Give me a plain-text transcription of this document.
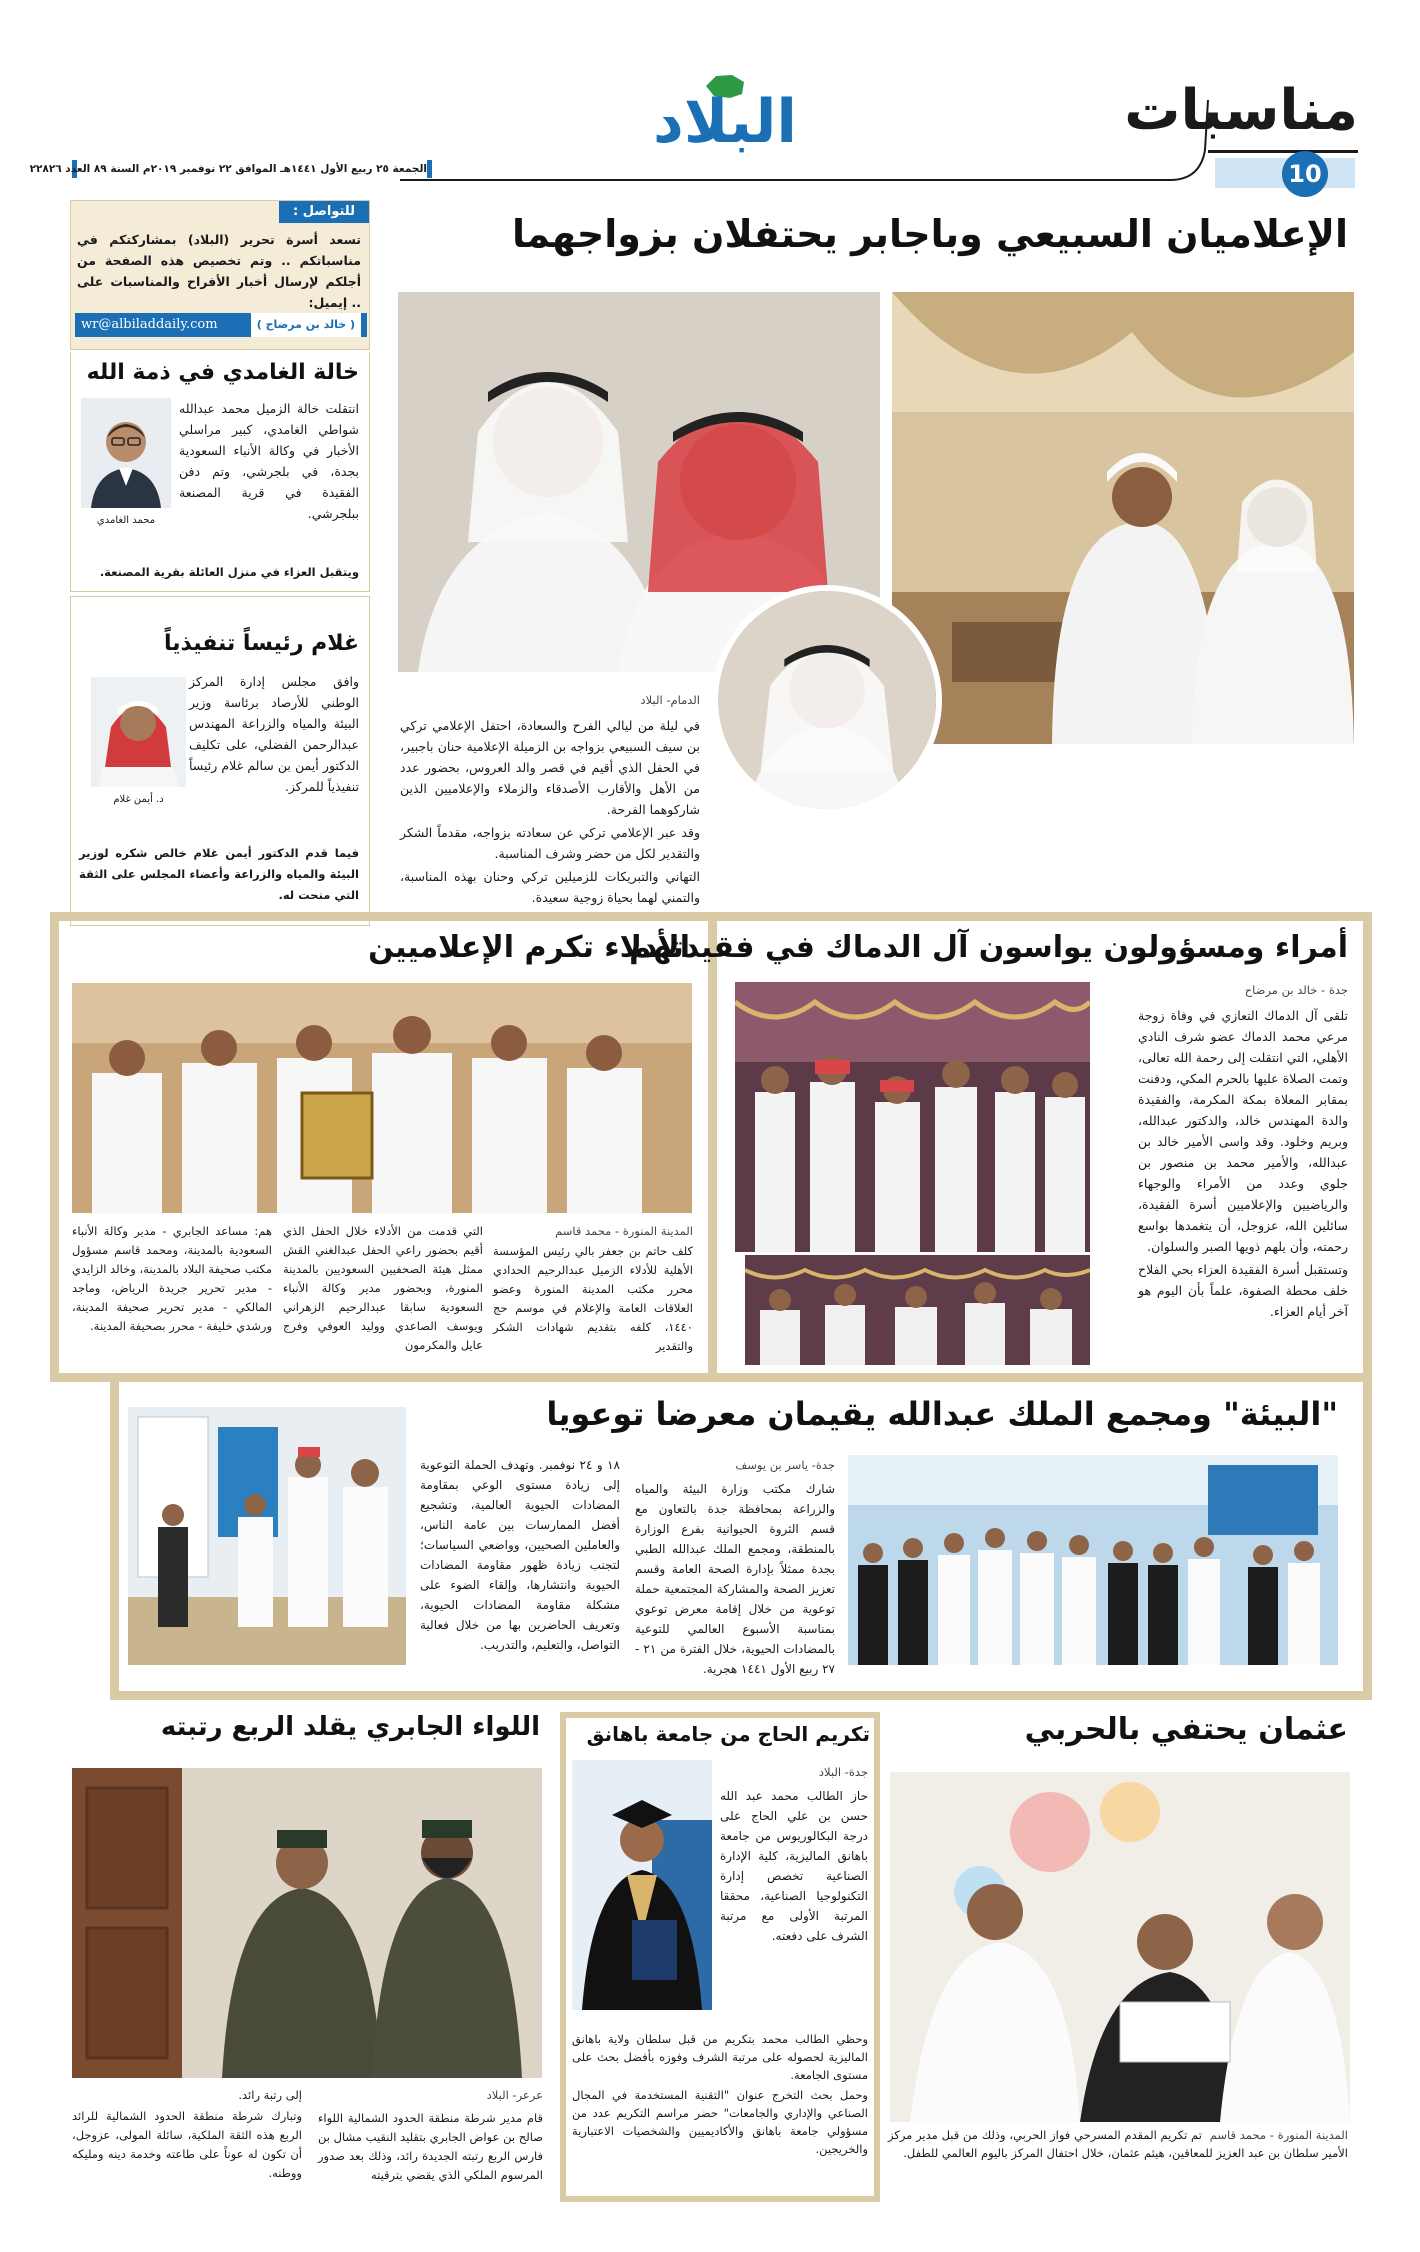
مناسبات
10
البلاد
الجمعة ٢٥ ربيع الأول ١٤٤١هـ الموافق ٢٢ نوفمبر ٢٠١٩م السنة ٨٩ العدد ٢٢٨٢٦
للتواصل :
تسعد أسرة تحرير (البلاد) بمشاركتكم في مناسباتكم .. وتم تخصيص هذه الصفحة من أجلكم لإرسال أخبار الأفراح والمناسبات على .. إيميل:
wr@albiladdaily.com	( خالد بن مرضاح )
خالة الغامدي في ذمة الله
محمد الغامدي

انتقلت خالة الزميل محمد عبدالله شواطي الغامدي، كبير مراسلي الأخبار في وكالة الأنباء السعودية بجدة، في بلجرشي، وتم دفن الفقيدة في قرية المصنعة ببلجرشي.

ويتقبل العزاء في منزل العائلة بقرية المصنعة.

غلام رئيساً تنفيذياً
د. أيمن غلام

وافق مجلس إدارة المركز الوطني للأرصاد برئاسة وزير البيئة والمياه والزراعة المهندس عبدالرحمن الفضلي، على تكليف الدكتور أيمن بن سالم غلام رئيساً تنفيذياً للمركز.

فيما قدم الدكتور أيمن غلام خالص شكره لوزير البيئة والمياه والزراعة وأعضاء المجلس على الثقة التي منحت له.

الإعلاميان السبيعي وباجابر يحتفلان بزواجهما
الدمام- البلاد

في ليلة من ليالي الفرح والسعادة، احتفل الإعلامي تركي بن سيف السبيعي بزواجه بن الزميلة الإعلامية حنان باجبير، في الحفل الذي أقيم في قصر والد العروس، بحضور عدد من الأهل والأقارب الأصدقاء والزملاء والإعلاميين الذين شاركوهما الفرحة.

وقد عبر الإعلامي تركي عن سعادته بزواجه، مقدماً الشكر والتقدير لكل من حضر وشرف المناسبة.

التهاني والتبريكات للزميلين تركي وحنان بهذه المناسبة، والتمني لهما بحياة زوجية سعيدة.

أمراء ومسؤولون يواسون آل الدماك في فقيدتهم
جدة - خالد بن مرضاح

تلقى آل الدماك التعازي في وفاة زوجة مرعي محمد الدماك عضو شرف النادي الأهلي، التي انتقلت إلى رحمة الله تعالى، وتمت الصلاة عليها بالحرم المكي، ودفنت بمقابر المعلاة بمكة المكرمة، والفقيدة والدة المهندس خالد، والدكتور عبدالله، وبريم وخلود. وقد واسى الأمير خالد بن عبدالله، والأمير محمد بن منصور بن جلوي وعدد من الأمراء والوجهاء والرياضيين والإعلاميين أسرة الفقيدة، سائلين الله، عزوجل، أن يتغمدها بواسع رحمته، وأن يلهم ذويها الصبر والسلوان.

وتستقبل أسرة الفقيدة العزاء بحي الفلاح خلف محطة الصفوة، علماً بأن اليوم هو آخر أيام العزاء.

الأدلاء تكرم الإعلاميين
المدينة المنورة - محمد قاسم

كلف حاتم بن جعفر بالي رئيس المؤسسة الأهلية للأدلاء الزميل عبدالرحيم الحدادي محرر مكتب المدينة المنورة وعضو العلاقات العامة والإعلام في موسم حج ١٤٤٠، كلفه بتقديم شهادات الشكر والتقدير

التي قدمت من الأدلاء خلال الحفل الذي أقيم بحضور راعي الحفل عبدالغني القش ممثل هيئة الصحفيين السعوديين بالمدينة المنورة، وبحضور مدير وكالة الأنباء السعودية سابقا عبدالرحيم الزهراني ويوسف الصاعدي ووليد العوفي وفرج عايل والمكرمون

هم: مساعد الجابري - مدير وكالة الأنباء السعودية بالمدينة، ومحمد قاسم مسؤول مكتب صحيفة البلاد بالمدينة، وخالد الزايدي - مدير تحرير جريدة الرياض، وماجد المالكي - مدير تحرير صحيفة المدينة، ورشدي خليفة - محرر بصحيفة المدينة.

"البيئة" ومجمع الملك عبدالله يقيمان معرضا توعويا
جدة- ياسر بن يوسف

شارك مكتب وزارة البيئة والمياه والزراعة بمحافظة جدة بالتعاون مع قسم الثروة الحيوانية بفرع الوزارة بالمنطقة، ومجمع الملك عبدالله الطبي بجدة ممثلاً بإدارة الصحة العامة وقسم تعزيز الصحة والمشاركة المجتمعية حملة توعوية من خلال إقامة معرض توعوي بمناسبة الأسبوع العالمي للتوعية بالمضادات الحيوية، خلال الفترة من ٢١ - ٢٧ ربيع الأول ١٤٤١ هجرية.

١٨ و ٢٤ نوفمبر. وتهدف الحملة التوعوية إلى زيادة مستوى الوعي بمقاومة المضادات الحيوية العالمية، وتشجيع أفضل الممارسات بين عامة الناس، والعاملين الصحيين، وواضعي السياسات؛ لتجنب زيادة ظهور مقاومة المضادات الحيوية وانتشارها، وإلقاء الضوء على مشكلة مقاومة المضادات الحيوية، وتعريف الحاضرين بها من خلال فعالية التواصل، والتعليم، والتدريب.

عثمان يحتفي بالحربي
المدينة المنورة - محمد قاسم تم تكريم المقدم المسرحي فواز الحربي، وذلك من قبل مدير مركز الأمير سلطان بن عبد العزيز للمعاقين، هيثم عثمان، خلال احتفال المركز باليوم العالمي للطفل.
تكريم الحاج من جامعة باهانق
جدة- البلاد

حاز الطالب محمد عبد الله حسن بن علي الحاج على درجة البكالوريوس من جامعة باهانق الماليزية، كلية الإدارة الصناعية تخصص إدارة التكنولوجيا الصناعية، محققا المرتبة الأولى مع مرتبة الشرف على دفعته.

وحظي الطالب محمد بتكريم من قبل سلطان ولاية باهانق الماليزية لحصوله على مرتبة الشرف وفوزه بأفضل بحث على مستوى الجامعة.

وحمل بحث التخرج عنوان "التقنية المستخدمة في المجال الصناعي والإداري والجامعات" حضر مراسم التكريم عدد من مسؤولي جامعة باهانق والأكاديميين والشخصيات الاعتبارية والخريجين.

اللواء الجابري يقلد الربع رتبته
عرعر- البلاد

قام مدير شرطة منطقة الحدود الشمالية اللواء صالح بن عواض الجابري بتقليد النقيب مشال بن فارس الربع رتبته الجديدة رائد، وذلك بعد صدور المرسوم الملكي الذي يقضي بترقيته

إلى رتبة رائد.

وتبارك شرطة منطقة الحدود الشمالية للرائد الربع هذه الثقة الملكية، سائلة المولى، عزوجل، أن تكون له عوناً على طاعته وخدمة دينه ومليكه ووطنه.
